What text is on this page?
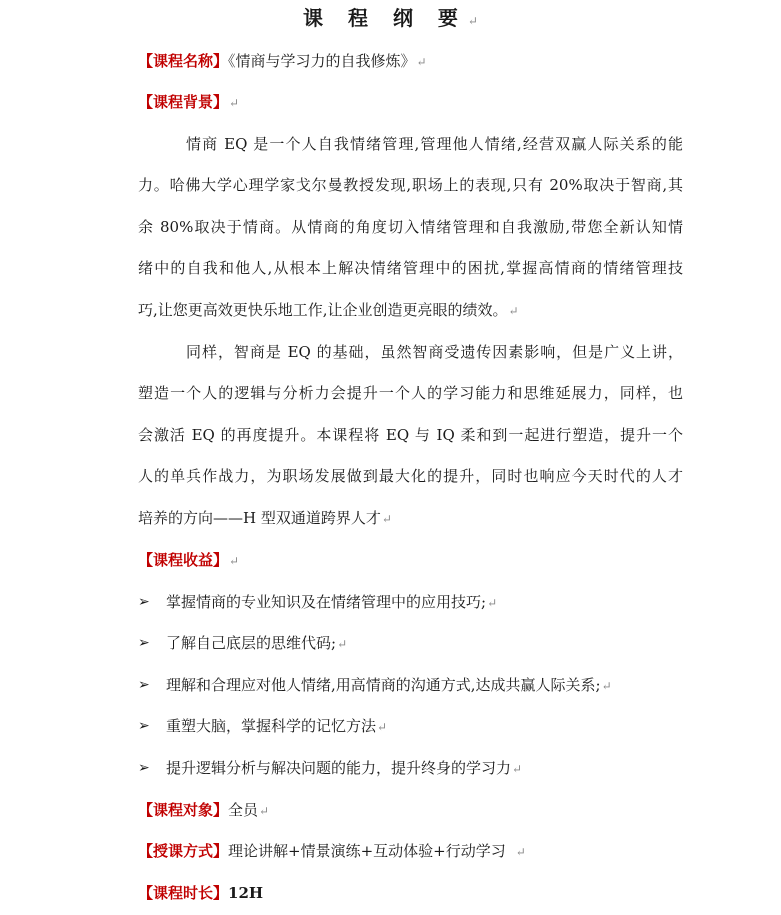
课 程 纲 要↵
【课程名称】《情商与学习力的自我修炼》↵
【课程背景】↵
情商 EQ 是一个人自我情绪管理,管理他人情绪,经营双赢人际关系的能
力。哈佛大学心理学家戈尔曼教授发现,职场上的表现,只有 20%取决于智商,其
余 80%取决于情商。从情商的角度切入情绪管理和自我激励,带您全新认知情
绪中的自我和他人,从根本上解决情绪管理中的困扰,掌握高情商的情绪管理技
巧,让您更高效更快乐地工作,让企业创造更亮眼的绩效。↵
同样，智商是 EQ 的基础，虽然智商受遗传因素影响，但是广义上讲，
塑造一个人的逻辑与分析力会提升一个人的学习能力和思维延展力，同样，也
会激活 EQ 的再度提升。本课程将 EQ 与 IQ 柔和到一起进行塑造，提升一个
人的单兵作战力，为职场发展做到最大化的提升，同时也响应今天时代的人才
培养的方向——H 型双通道跨界人才↵
【课程收益】↵
➢ 掌握情商的专业知识及在情绪管理中的应用技巧;↵
➢ 了解自己底层的思维代码;↵
➢ 理解和合理应对他人情绪,用高情商的沟通方式,达成共赢人际关系;↵
➢ 重塑大脑，掌握科学的记忆方法↵
➢ 提升逻辑分析与解决问题的能力，提升终身的学习力↵
【课程对象】全员↵
【授课方式】理论讲解+情景演练+互动体验+行动学习 ↵
【课程时长】12H
